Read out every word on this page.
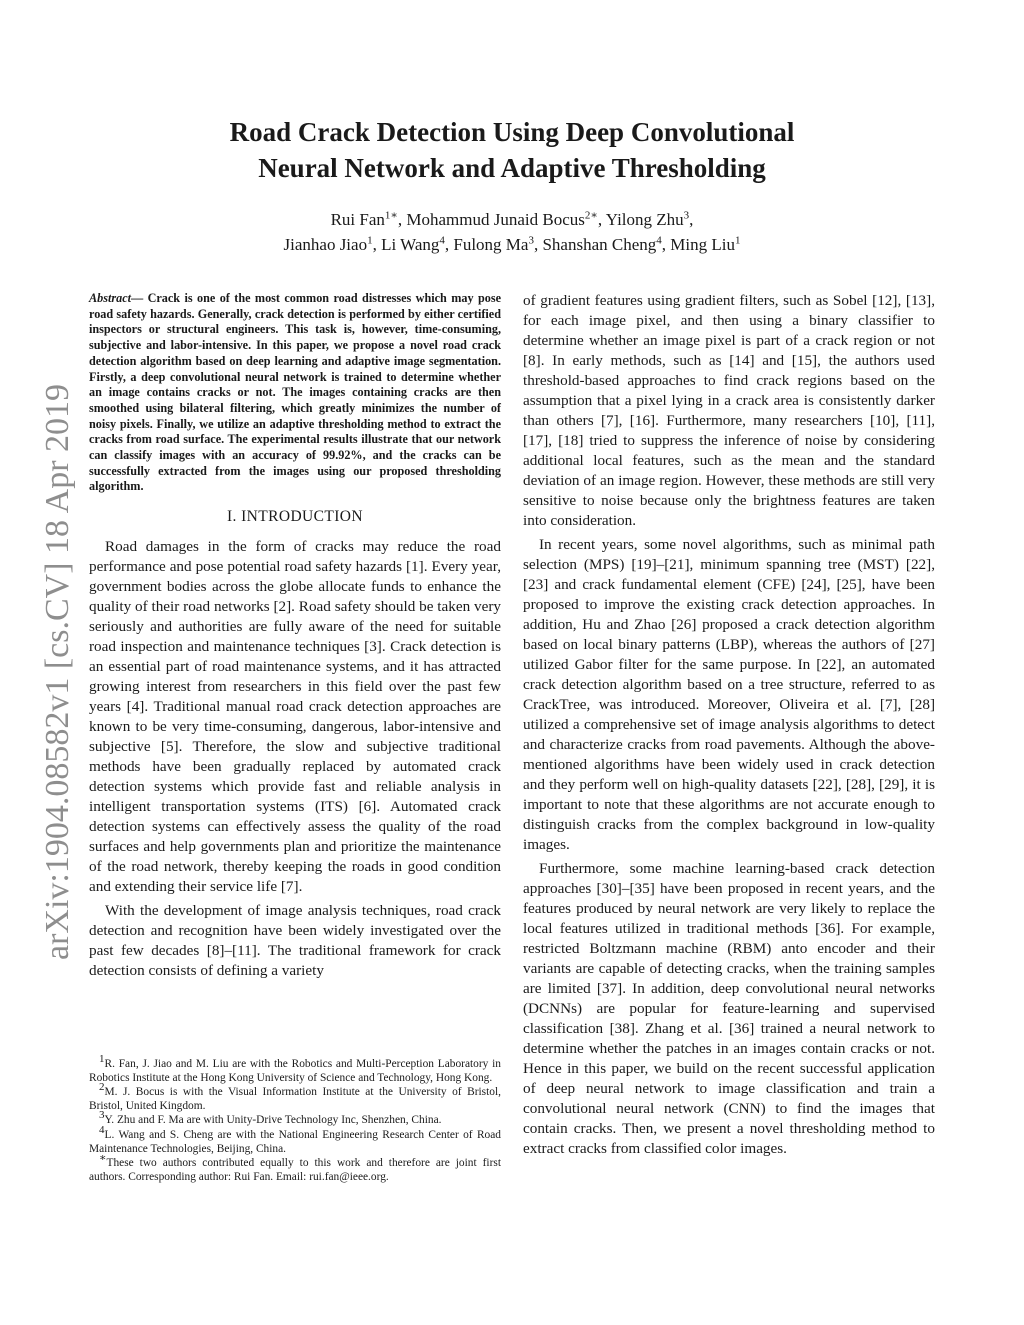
arXiv:1904.08582v1 [cs.CV] 18 Apr 2019
Road Crack Detection Using Deep Convolutional
Neural Network and Adaptive Thresholding
Rui Fan$^{1∗}$, Mohammud Junaid Bocus$^{2∗}$, Yilong Zhu$^3$,
Jianhao Jiao$^1$, Li Wang$^4$, Fulong Ma$^3$, Shanshan Cheng$^4$, Ming Liu$^1$

Abstract— Crack is one of the most common road distresses which may pose road safety hazards. Generally, crack detection is performed by either certified inspectors or structural engineers. This task is, however, time-consuming, subjective and labor-intensive. In this paper, we propose a novel road crack detection algorithm based on deep learning and adaptive image segmentation. Firstly, a deep convolutional neural network is trained to determine whether an image contains cracks or not. The images containing cracks are then smoothed using bilateral filtering, which greatly minimizes the number of noisy pixels. Finally, we utilize an adaptive thresholding method to extract the cracks from road surface. The experimental results illustrate that our network can classify images with an accuracy of 99.92%, and the cracks can be successfully extracted from the images using our proposed thresholding algorithm.

I. INTRODUCTION

Road damages in the form of cracks may reduce the road performance and pose potential road safety hazards [1]. Every year, government bodies across the globe allocate funds to enhance the quality of their road networks [2]. Road safety should be taken very seriously and authorities are fully aware of the need for suitable road inspection and maintenance techniques [3]. Crack detection is an essential part of road maintenance systems, and it has attracted growing interest from researchers in this field over the past few years [4]. Traditional manual road crack detection approaches are known to be very time-consuming, dangerous, labor-intensive and subjective [5]. Therefore, the slow and subjective traditional methods have been gradually replaced by automated crack detection systems which provide fast and reliable analysis in intelligent transportation systems (ITS) [6]. Automated crack detection systems can effectively assess the quality of the road surfaces and help governments plan and prioritize the maintenance of the road network, thereby keeping the roads in good condition and extending their service life [7].

With the development of image analysis techniques, road crack detection and recognition have been widely investigated over the past few decades [8]–[11]. The traditional framework for crack detection consists of defining a variety

$^1$R. Fan, J. Jiao and M. Liu are with the Robotics and Multi-Perception Laboratory in Robotics Institute at the Hong Kong University of Science and Technology, Hong Kong.

$^2$M. J. Bocus is with the Visual Information Institute at the University of Bristol, Bristol, United Kingdom.

$^3$Y. Zhu and F. Ma are with Unity-Drive Technology Inc, Shenzhen, China.

$^4$L. Wang and S. Cheng are with the National Engineering Research Center of Road Maintenance Technologies, Beijing, China.

∗These two authors contributed equally to this work and therefore are joint first authors. Corresponding author: Rui Fan. Email: rui.fan@ieee.org.

of gradient features using gradient filters, such as Sobel [12], [13], for each image pixel, and then using a binary classifier to determine whether an image pixel is part of a crack region or not [8]. In early methods, such as [14] and [15], the authors used threshold-based approaches to find crack regions based on the assumption that a pixel lying in a crack area is consistently darker than others [7], [16]. Furthermore, many researchers [10], [11], [17], [18] tried to suppress the inference of noise by considering additional local features, such as the mean and the standard deviation of an image region. However, these methods are still very sensitive to noise because only the brightness features are taken into consideration.

In recent years, some novel algorithms, such as minimal path selection (MPS) [19]–[21], minimum spanning tree (MST) [22], [23] and crack fundamental element (CFE) [24], [25], have been proposed to improve the existing crack detection approaches. In addition, Hu and Zhao [26] proposed a crack detection algorithm based on local binary patterns (LBP), whereas the authors of [27] utilized Gabor filter for the same purpose. In [22], an automated crack detection algorithm based on a tree structure, referred to as CrackTree, was introduced. Moreover, Oliveira et al. [7], [28] utilized a comprehensive set of image analysis algorithms to detect and characterize cracks from road pavements. Although the above-mentioned algorithms have been widely used in crack detection and they perform well on high-quality datasets [22], [28], [29], it is important to note that these algorithms are not accurate enough to distinguish cracks from the complex background in low-quality images.

Furthermore, some machine learning-based crack detection approaches [30]–[35] have been proposed in recent years, and the features produced by neural network are very likely to replace the local features utilized in traditional methods [36]. For example, restricted Boltzmann machine (RBM) anto encoder and their variants are capable of detecting cracks, when the training samples are limited [37]. In addition, deep convolutional neural networks (DCNNs) are popular for feature-learning and supervised classification [38]. Zhang et al. [36] trained a neural network to determine whether the patches in an images contain cracks or not. Hence in this paper, we build on the recent successful application of deep neural network to image classification and train a convolutional neural network (CNN) to find the images that contain cracks. Then, we present a novel thresholding method to extract cracks from classified color images.
